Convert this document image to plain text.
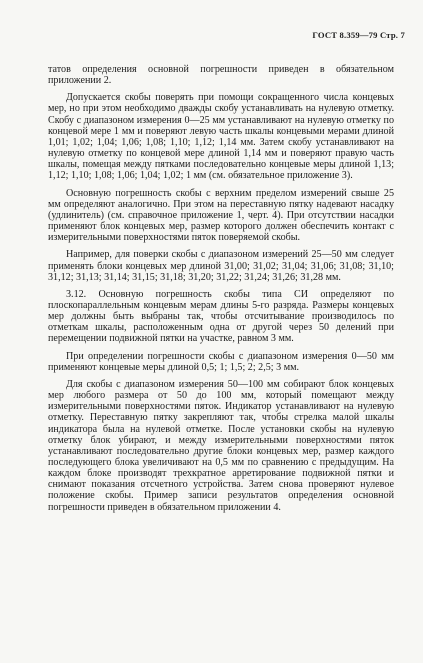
ГОСТ 8.359—79 Стр. 7

татов определения основной погрешности приведен в обязательном приложении 2.

Допускается скобы поверять при помощи сокращенного числа концевых мер, но при этом необходимо дважды скобу устанавливать на нулевую отметку. Скобу с диапазоном измерения 0—25 мм устанавливают на нулевую отметку по концевой мере 1 мм и поверяют левую часть шкалы концевыми мерами длиной 1,01; 1,02; 1,04; 1,06; 1,08; 1,10; 1,12; 1,14 мм. Затем скобу устанавливают на нулевую отметку по концевой мере длиной 1,14 мм и поверяют правую часть шкалы, помещая между пятками последовательно концевые меры длиной 1,13; 1,12; 1,10; 1,08; 1,06; 1,04; 1,02; 1 мм (см. обязательное приложение 3).

Основную погрешность скобы с верхним пределом измерений свыше 25 мм определяют аналогично. При этом на переставную пятку надевают насадку (удлинитель) (см. справочное приложение 1, черт. 4). При отсутствии насадки применяют блок концевых мер, размер которого должен обеспечить контакт с измерительными поверхностями пяток поверяемой скобы.

Например, для поверки скобы с диапазоном измерений 25—50 мм следует применять блоки концевых мер длиной 31,00; 31,02; 31,04; 31,06; 31,08; 31,10; 31,12; 31,13; 31,14; 31,15; 31,18; 31,20; 31,22; 31,24; 31,26; 31,28 мм.

3.12. Основную погрешность скобы типа СИ определяют по плоскопараллельным концевым мерам длины 5-го разряда. Размеры концевых мер должны быть выбраны так, чтобы отсчитывание производилось по отметкам шкалы, расположенным одна от другой через 50 делений при перемещении подвижной пятки на участке, равном 3 мм.

При определении погрешности скобы с диапазоном измерения 0—50 мм применяют концевые меры длиной 0,5; 1; 1,5; 2; 2,5; 3 мм.

Для скобы с диапазоном измерения 50—100 мм собирают блок концевых мер любого размера от 50 до 100 мм, который помещают между измерительными поверхностями пяток. Индикатор устанавливают на нулевую отметку. Переставную пятку закрепляют так, чтобы стрелка малой шкалы индикатора была на нулевой отметке. После установки скобы на нулевую отметку блок убирают, и между измерительными поверхностями пяток устанавливают последовательно другие блоки концевых мер, размер каждого последующего блока увеличивают на 0,5 мм по сравнению с предыдущим. На каждом блоке производят трехкратное арретирование подвижной пятки и снимают показания отсчетного устройства. Затем снова проверяют нулевое положение скобы. Пример записи результатов определения основной погрешности приведен в обязательном приложении 4.
